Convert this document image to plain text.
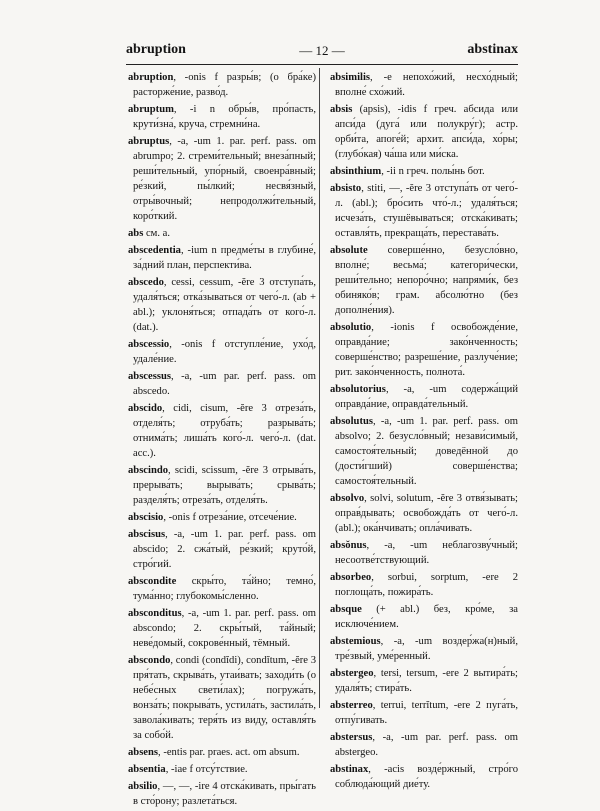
abruption	— 12 —	abstinax

abruption, -onis f разры́в; (о бра́ке) расторже́ние, разво́д.

abruptum, -i n обры́в, про́пасть, крути́зна́, круча, стремни́на.

abruptus, -a, -um 1. par. perf. pass. om abrumpo; 2. стреми́тельный; внеза́пный; реши́тельный, упо́рный, своенра́вный; ре́зкий, пы́лкий; несвя́зный, отры́вочный; непродолжи́тельный, коро́ткий.

abs см. a.

abscedentia, -ium n предме́ты в глубине́, за́дний план, перспекти́ва.

abscedo, cessi, cessum, -ĕre 3 отступа́ть, удаля́ться; отка́зываться от чего́-л. (ab + abl.); уклоня́ться; отпада́ть от кого́-л. (dat.).

abscessio, -onis f отступле́ние, ухо́д, удале́ние.

abscessus, -a, -um par. perf. pass. om abscedo.

abscido, cidi, cisum, -ĕre 3 отреза́ть, отделя́ть; отруба́ть; разрыва́ть; отнима́ть; лиша́ть кого́-л. чего́-л. (dat. acc.).

abscindo, scidi, scissum, -ĕre 3 отрыва́ть, прерыва́ть; вырыва́ть; срыва́ть; разделя́ть; отреза́ть, отделя́ть.

abscisio, -onis f отреза́ние, отсече́ние.

abscisus, -a, -um 1. par. perf. pass. om abscido; 2. сжа́тый, ре́зкий; круто́й, стро́гий.

abscondite скры́то, та́йно; темно́, тума́нно; глубокомы́сленно.

absconditus, -a, -um 1. par. perf. pass. om abscondo; 2. скры́тый, та́йный; неве́домый, сокрове́нный, тёмный.

abscondo, condi (condĭdi), condĭtum, -ĕre 3 пря́тать, скрыва́ть, утаи́вать; заходи́ть (о небе́сных свети́лах); погружа́ть, вонза́ть; покрыва́ть, устила́ть, застила́ть, завола́кивать; теря́ть из виду, оставля́ть за собо́й.

absens, -entis par. praes. act. om absum.

absentia, -iae f отсу́тствие.

absilio, —, —, -ire 4 отска́кивать, пры́гать в сто́рону; разлета́ться.

absimilis, -e непохо́жий, несхо́дный; вполне́ схо́жий.

absis (apsis), -idis f греч. абсида или апси́да (дуга́ или полукру́г); астр. орби́та, апоге́й; архит. апси́да, хо́ры; (глубо́кая) ча́ша или ми́ска.

absinthium, -ii n греч. полы́нь бот.

absisto, stiti, —, -ĕre 3 отступа́ть от чего́-л. (abl.); бро́сить что́-л.; удаля́ться; исчеза́ть, стушёвываться; отска́кивать; оставля́ть, прекраща́ть, перестава́ть.

absolute соверше́нно, безусло́вно, вполне́; весьма́; категори́чески, реши́тельно; непоро́чно; напрями́к, без обиняко́в; грам. абсолю́тно (без дополне́ния).

absolutio, -ionis f освобожде́ние, оправда́ние; зако́нченность; соверше́нство; разреше́ние, разлуче́ние; рит. зако́нченность, полнота́.

absolutorius, -a, -um содержа́щий оправда́ние, оправда́тельный.

absolutus, -a, -um 1. par. perf. pass. om absolvo; 2. безусло́вный; незави́симый, самостоя́тельный; доведённой до (дости́гший) соверше́нства; самостоя́тельный.

absolvo, solvi, solutum, -ĕre 3 отвя́зывать; оправ́дывать; освобожда́ть от чего́-л. (abl.); ока́нчивать; опла́чивать.

absŏnus, -a, -um неблагозву́чный; несоотве́тствующий.

absorbeo, sorbui, sorptum, -ere 2 поглоща́ть, пожира́ть.

absque (+ abl.) без, кро́ме, за исключе́нием.

abstemious, -a, -um воздер́жа(н)ный, тре́звый, уме́ренный.

abstergeo, tersi, tersum, -ere 2 вытира́ть; удаля́ть; стира́ть.

absterreo, terrui, terrĭtum, -ere 2 пуга́ть, отпу́гивать.

abstersus, -a, -um par. perf. pass. om abstergeo.

abstinax, -acis возде́ржный, стро́го соблюда́ющий дие́ту.
